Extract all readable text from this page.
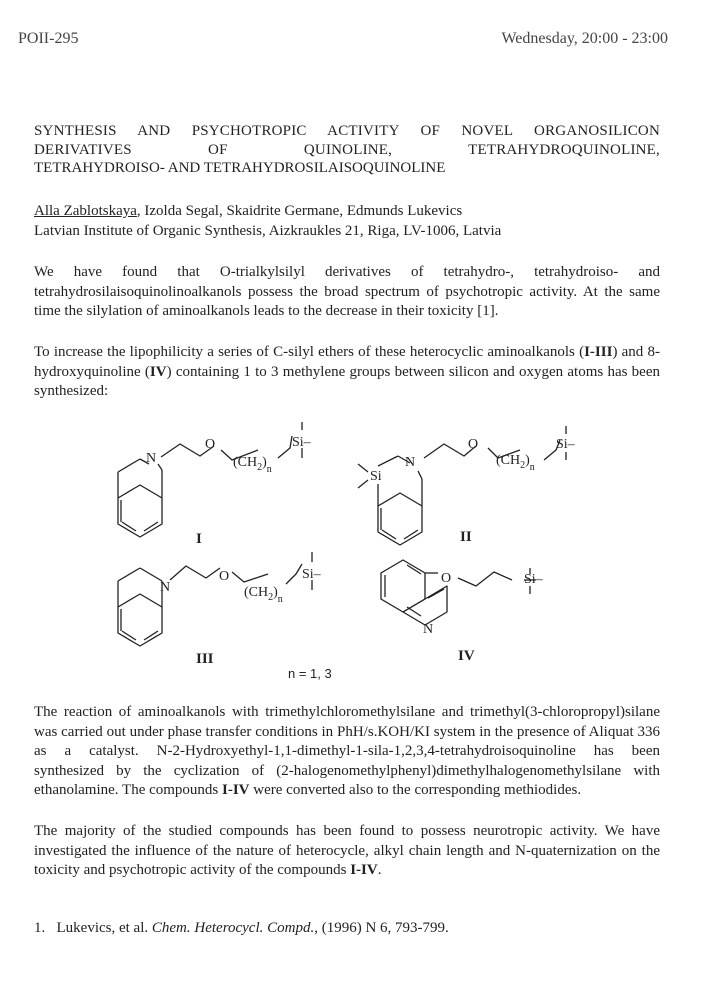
POII-295	Wednesday, 20:00 - 23:00
SYNTHESIS AND PSYCHOTROPIC ACTIVITY OF NOVEL ORGANOSILICON
DERIVATIVES OF QUINOLINE, TETRAHYDROQUINOLINE,
TETRAHYDROISO- AND TETRAHYDROSILAISOQUINOLINE
Alla Zablotskaya, Izolda Segal, Skaidrite Germane, Edmunds Lukevics
Latvian Institute of Organic Synthesis, Aizkraukles 21, Riga, LV-1006, Latvia
We have found that O-trialkylsilyl derivatives of tetrahydro-, tetrahydroiso- and tetrahydrosilaisoquinolinoalkanols possess the broad spectrum of psychotropic activity. At the same time the silylation of aminoalkanols leads to the decrease in their toxicity [1].
To increase the lipophilicity a series of C-silyl ethers of these heterocyclic aminoalkanols (I-III) and 8-hydroxyquinoline (IV) containing 1 to 3 methylene groups between silicon and oxygen atoms has been synthesized:
N
O
$(CH_2)_n$
Si–
N
Si
O
$(CH_2)_n$
Si–
N
O
$(CH_2)_n$
Si–
N
O	Si–
I	II
III	IV
n = 1, 3
The reaction of aminoalkanols with trimethylchloromethylsilane and trimethyl(3-chloropropyl)silane was carried out under phase transfer conditions in PhH/s.KOH/KI system in the presence of Aliquat 336 as a catalyst. N-2-Hydroxyethyl-1,1-dimethyl-1-sila-1,2,3,4-tetrahydroisoquinoline has been synthesized by the cyclization of (2-halogenomethylphenyl)dimethylhalogenomethylsilane with ethanolamine. The compounds I-IV were converted also to the corresponding methiodides.
The majority of the studied compounds has been found to possess neurotropic activity. We have investigated the influence of the nature of heterocycle, alkyl chain length and N-quaternization on the toxicity and psychotropic activity of the compounds I-IV.
1. Lukevics, et al. Chem. Heterocycl. Compd., (1996) N 6, 793-799.
